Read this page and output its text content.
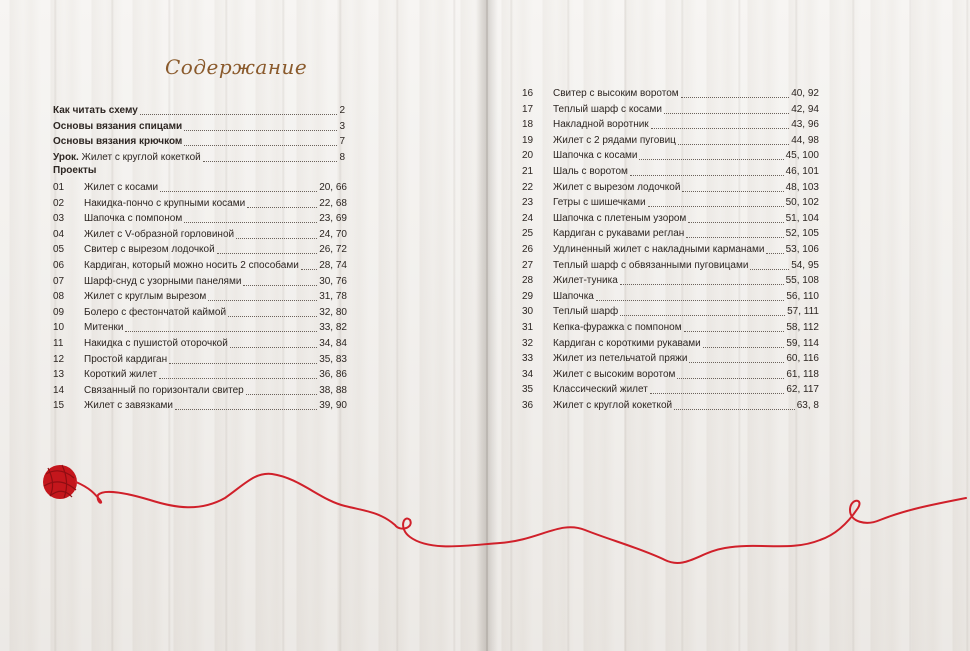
Содержание
Как читать схему	2
Основы вязания спицами	3
Основы вязания крючком	7
Урок. Жилет с круглой кокеткой	8
Проекты
01 Жилет с косами	20, 66
02 Накидка-пончо с крупными косами	22, 68
03 Шапочка с помпоном	23, 69
04 Жилет с V-образной горловиной	24, 70
05 Свитер с вырезом лодочкой	26, 72
06 Кардиган, который можно носить 2 способами 28, 74
07 Шарф-снуд с узорными панелями	30, 76
08 Жилет с круглым вырезом	31, 78
09 Болеро с фестончатой каймой	32, 80
10 Митенки	33, 82
11 Накидка с пушистой оторочкой	34, 84
12 Простой кардиган	35, 83
13 Короткий жилет	36, 86
14 Связанный по горизонтали свитер	38, 88
15 Жилет с завязками	39, 90
16 Свитер с высоким воротом	40, 92
17 Теплый шарф с косами	42, 94
18 Накладной воротник	43, 96
19 Жилет с 2 рядами пуговиц	44, 98
20 Шапочка с косами	45, 100
21 Шаль с воротом	46, 101
22 Жилет с вырезом лодочкой	48, 103
23 Гетры с шишечками	50, 102
24 Шапочка с плетеным узором	51, 104
25 Кардиган с рукавами реглан	52, 105
26 Удлиненный жилет с накладными карманами 53, 106
27 Теплый шарф с обвязанными пуговицами	54, 95
28 Жилет-туника	55, 108
29 Шапочка	56, 110
30 Теплый шарф	57, 111
31 Кепка-фуражка с помпоном	58, 112
32 Кардиган с короткими рукавами	59, 114
33 Жилет из петельчатой пряжи	60, 116
34 Жилет с высоким воротом	61, 118
35 Классический жилет	62, 117
36 Жилет с круглой кокеткой	63, 8
